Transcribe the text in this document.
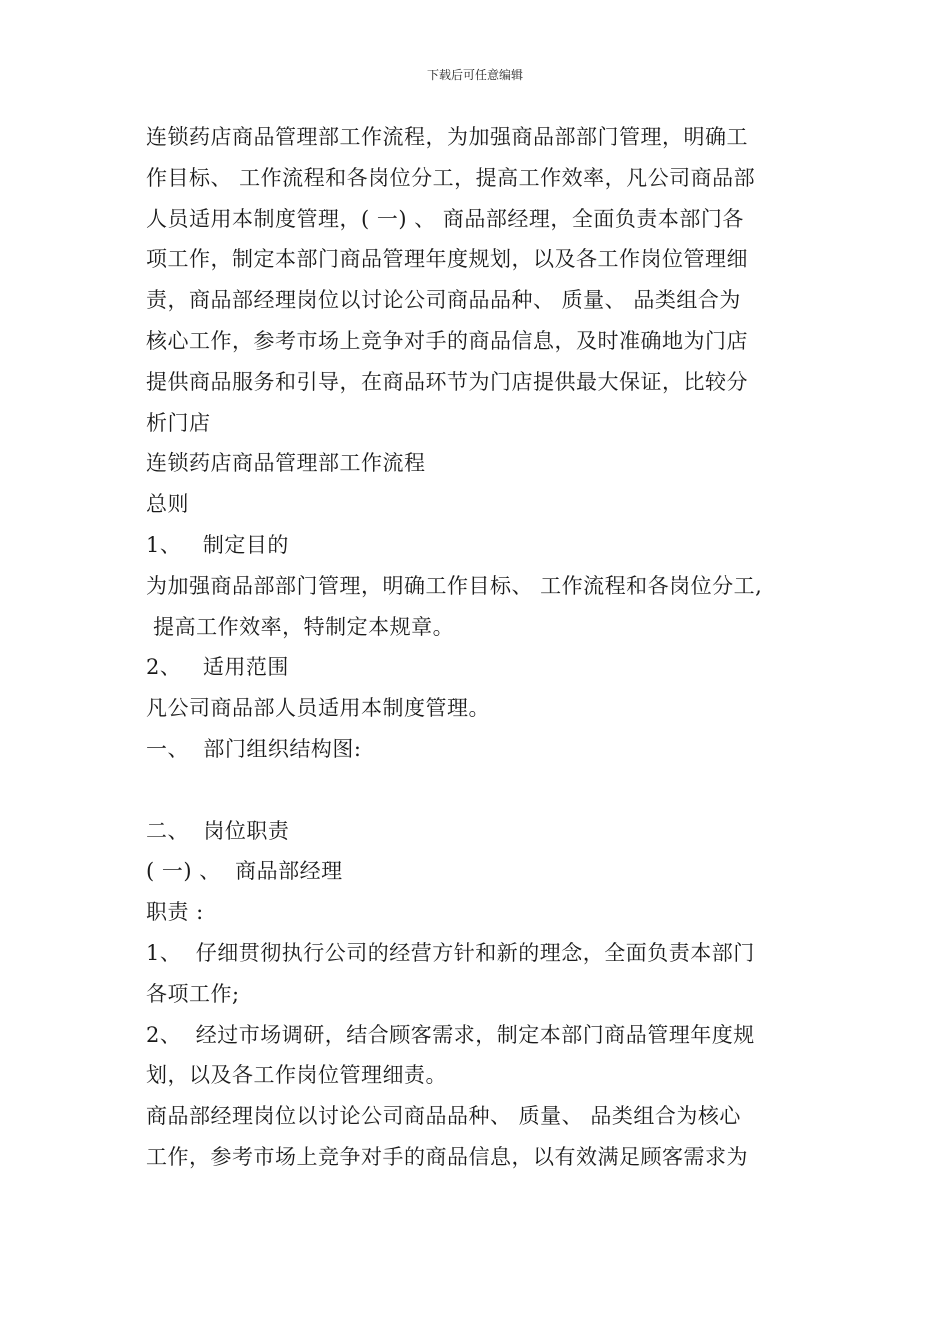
下载后可任意编辑
连锁药店商品管理部工作流程，为加强商品部部门管理，明确工
作目标、 工作流程和各岗位分工，提高工作效率，凡公司商品部
人员适用本制度管理，( 一) 、 商品部经理，全面负责本部门各
项工作，制定本部门商品管理年度规划，以及各工作岗位管理细
责，商品部经理岗位以讨论公司商品品种、 质量、 品类组合为
核心工作，参考市场上竞争对手的商品信息，及时准确地为门店
提供商品服务和引导，在商品环节为门店提供最大保证，比较分
析门店
连锁药店商品管理部工作流程
总则
1、   制定目的
为加强商品部部门管理，明确工作目标、 工作流程和各岗位分工,
提高工作效率，特制定本规章。
2、   适用范围
凡公司商品部人员适用本制度管理。
一、  部门组织结构图:
二、  岗位职责
( 一) 、  商品部经理
职责 :
1、  仔细贯彻执行公司的经营方针和新的理念，全面负责本部门
各项工作;
2、  经过市场调研，结合顾客需求，制定本部门商品管理年度规
划，以及各工作岗位管理细责。
商品部经理岗位以讨论公司商品品种、 质量、 品类组合为核心
工作，参考市场上竞争对手的商品信息，以有效满足顾客需求为
